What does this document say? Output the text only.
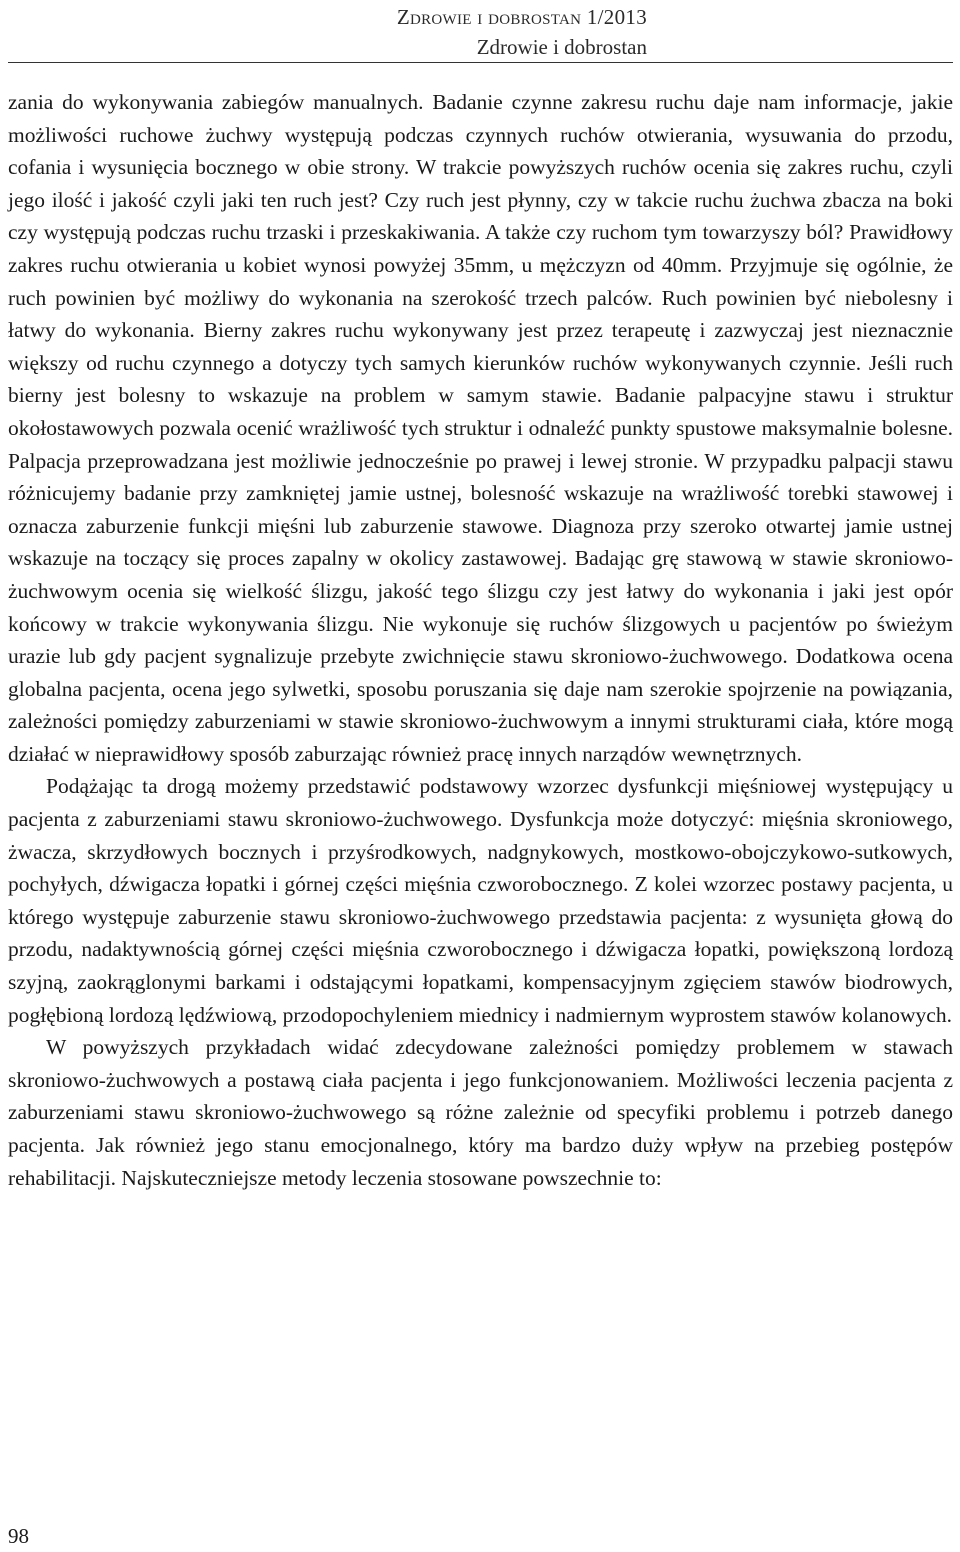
Zdrowie i dobrostan 1/2013
Zdrowie i dobrostan

zania do wykonywania zabiegów manualnych. Badanie czynne zakresu ruchu daje nam informacje, jakie możliwości ruchowe żuchwy występują podczas czynnych ruchów otwierania, wysuwania do przodu, cofania i wysunięcia bocznego w obie strony. W trakcie powyższych ruchów ocenia się zakres ruchu, czyli jego ilość i jakość czyli jaki ten ruch jest? Czy ruch jest płynny, czy w takcie ruchu żuchwa zbacza na boki czy występują podczas ruchu trzaski i przeskakiwania. A także czy ruchom tym towarzyszy ból? Prawidłowy zakres ruchu otwierania u kobiet wynosi powyżej 35mm, u mężczyzn od 40mm. Przyjmuje się ogólnie, że ruch powinien być możliwy do wykonania na szerokość trzech palców. Ruch powinien być niebolesny i łatwy do wykonania. Bierny zakres ruchu wykonywany jest przez terapeutę i zazwyczaj jest nieznacznie większy od ruchu czynnego a dotyczy tych samych kierunków ruchów wykonywanych czynnie. Jeśli ruch bierny jest bolesny to wskazuje na problem w samym stawie. Badanie palpacyjne stawu i struktur okołostawowych pozwala ocenić wrażliwość tych struktur i odnaleźć punkty spustowe maksymalnie bolesne. Palpacja przeprowadzana jest możliwie jednocześnie po prawej i lewej stronie. W przypadku palpacji stawu różnicujemy badanie przy zamkniętej jamie ustnej, bolesność wskazuje na wrażliwość torebki stawowej i oznacza zaburzenie funkcji mięśni lub zaburzenie stawowe. Diagnoza przy szeroko otwartej jamie ustnej wskazuje na toczący się proces zapalny w okolicy zastawowej. Badając grę stawową w stawie skroniowo-żuchwowym ocenia się wielkość ślizgu, jakość tego ślizgu czy jest łatwy do wykonania i jaki jest opór końcowy w trakcie wykonywania ślizgu. Nie wykonuje się ruchów ślizgowych u pacjentów po świeżym urazie lub gdy pacjent sygnalizuje przebyte zwichnięcie stawu skroniowo-żuchwowego. Dodatkowa ocena globalna pacjenta, ocena jego sylwetki, sposobu poruszania się daje nam szerokie spojrzenie na powiązania, zależności pomiędzy zaburzeniami w stawie skroniowo-żuchwowym a innymi strukturami ciała, które mogą działać w nieprawidłowy sposób zaburzając również pracę innych narządów wewnętrznych.

Podążając ta drogą możemy przedstawić podstawowy wzorzec dysfunkcji mięśniowej występujący u pacjenta z zaburzeniami stawu skroniowo-żuchwowego. Dysfunkcja może dotyczyć: mięśnia skroniowego, żwacza, skrzydłowych bocznych i przyśrodkowych, nadgnykowych, mostkowo-obojczykowo-sutkowych, pochyłych, dźwigacza łopatki i górnej części mięśnia czworobocznego. Z kolei wzorzec postawy pacjenta, u którego występuje zaburzenie stawu skroniowo-żuchwowego przedstawia pacjenta: z wysunięta głową do przodu, nadaktywnością górnej części mięśnia czworobocznego i dźwigacza łopatki, powiększoną lordozą szyjną, zaokrąglonymi barkami i odstającymi łopatkami, kompensacyjnym zgięciem stawów biodrowych, pogłębioną lordozą lędźwiową, przodopochyleniem miednicy i nadmiernym wyprostem stawów kolanowych.

W powyższych przykładach widać zdecydowane zależności pomiędzy problemem w stawach skroniowo-żuchwowych a postawą ciała pacjenta i jego funkcjonowaniem. Możliwości leczenia pacjenta z zaburzeniami stawu skroniowo-żuchwowego są różne zależnie od specyfiki problemu i potrzeb danego pacjenta. Jak również jego stanu emocjonalnego, który ma bardzo duży wpływ na przebieg postępów rehabilitacji. Najskuteczniejsze metody leczenia stosowane powszechnie to:

98
